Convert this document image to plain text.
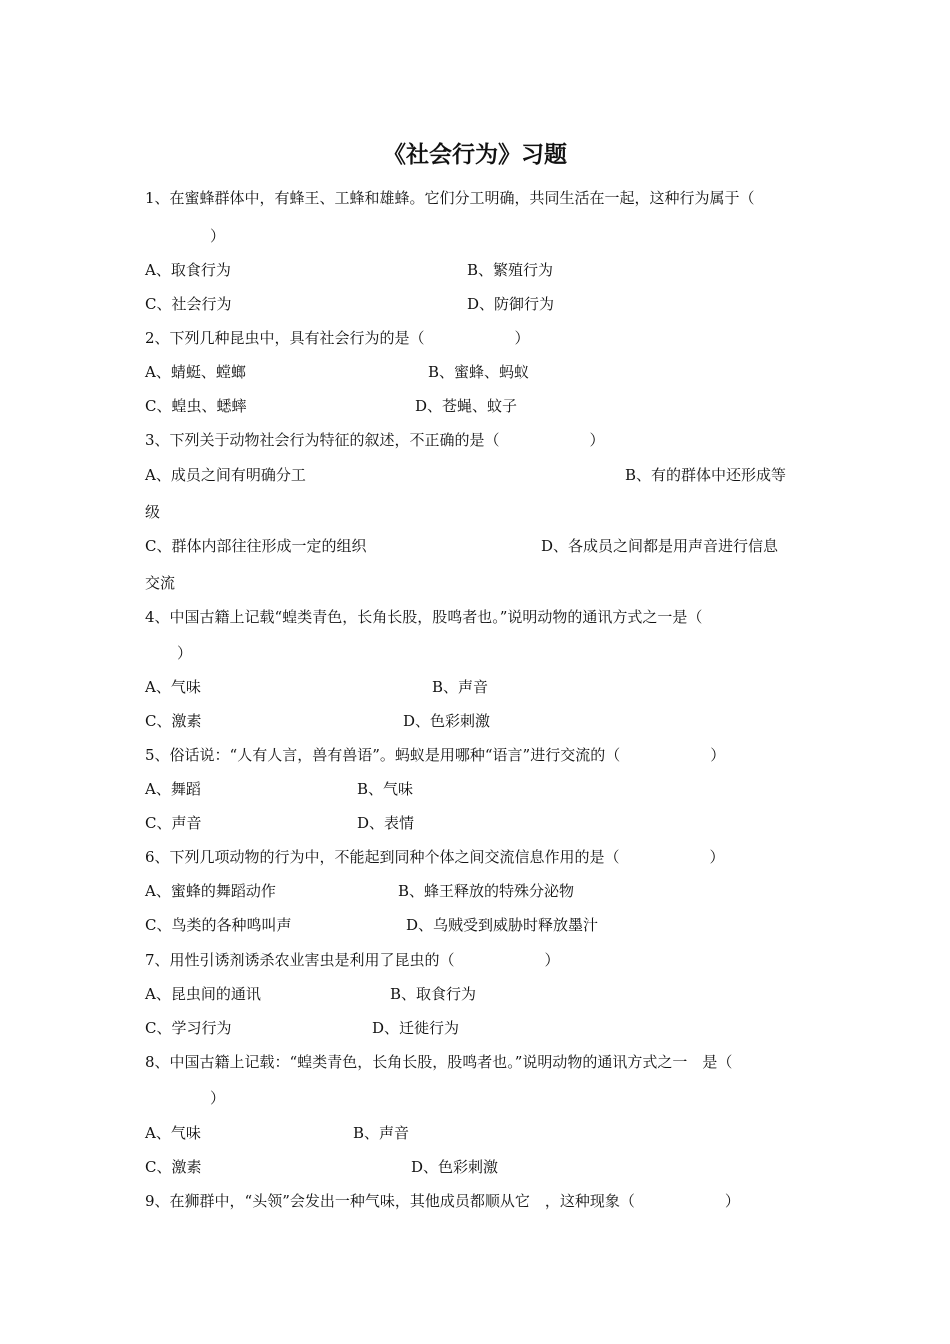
《社会行为》习题
1、在蜜蜂群体中，有蜂王、工蜂和雄蜂。它们分工明确，共同生活在一起，这种行为属于（
）
A、取食行为	B、繁殖行为
C、社会行为	D、防御行为
2、下列几种昆虫中，具有社会行为的是（　　　　　　）
A、蜻蜓、螳螂	B、蜜蜂、蚂蚁
C、蝗虫、蟋蟀	D、苍蝇、蚊子
3、下列关于动物社会行为特征的叙述，不正确的是（　　　　　　）
A、成员之间有明确分工	B、有的群体中还形成等
级
C、群体内部往往形成一定的组织	D、各成员之间都是用声音进行信息
交流
4、中国古籍上记载“蝗类青色，长角长股，股鸣者也。”说明动物的通讯方式之一是（
）
A、气味	B、声音
C、激素	D、色彩刺激
5、俗话说：“人有人言，兽有兽语”。蚂蚁是用哪种“语言”进行交流的（　　　　　　）
A、舞蹈	B、气味
C、声音	D、表情
6、下列几项动物的行为中，不能起到同种个体之间交流信息作用的是（　　　　　　）
A、蜜蜂的舞蹈动作	B、蜂王释放的特殊分泌物
C、鸟类的各种鸣叫声	D、乌贼受到威胁时释放墨汁
7、用性引诱剂诱杀农业害虫是利用了昆虫的（　　　　　　）
A、昆虫间的通讯	B、取食行为
C、学习行为	D、迁徙行为
8、中国古籍上记载：“蝗类青色，长角长股，股鸣者也。”说明动物的通讯方式之一　是（
）
A、气味	B、声音
C、激素	D、色彩刺激
9、在狮群中，“头领”会发出一种气味，其他成员都顺从它　，这种现象（　　　　　　）
